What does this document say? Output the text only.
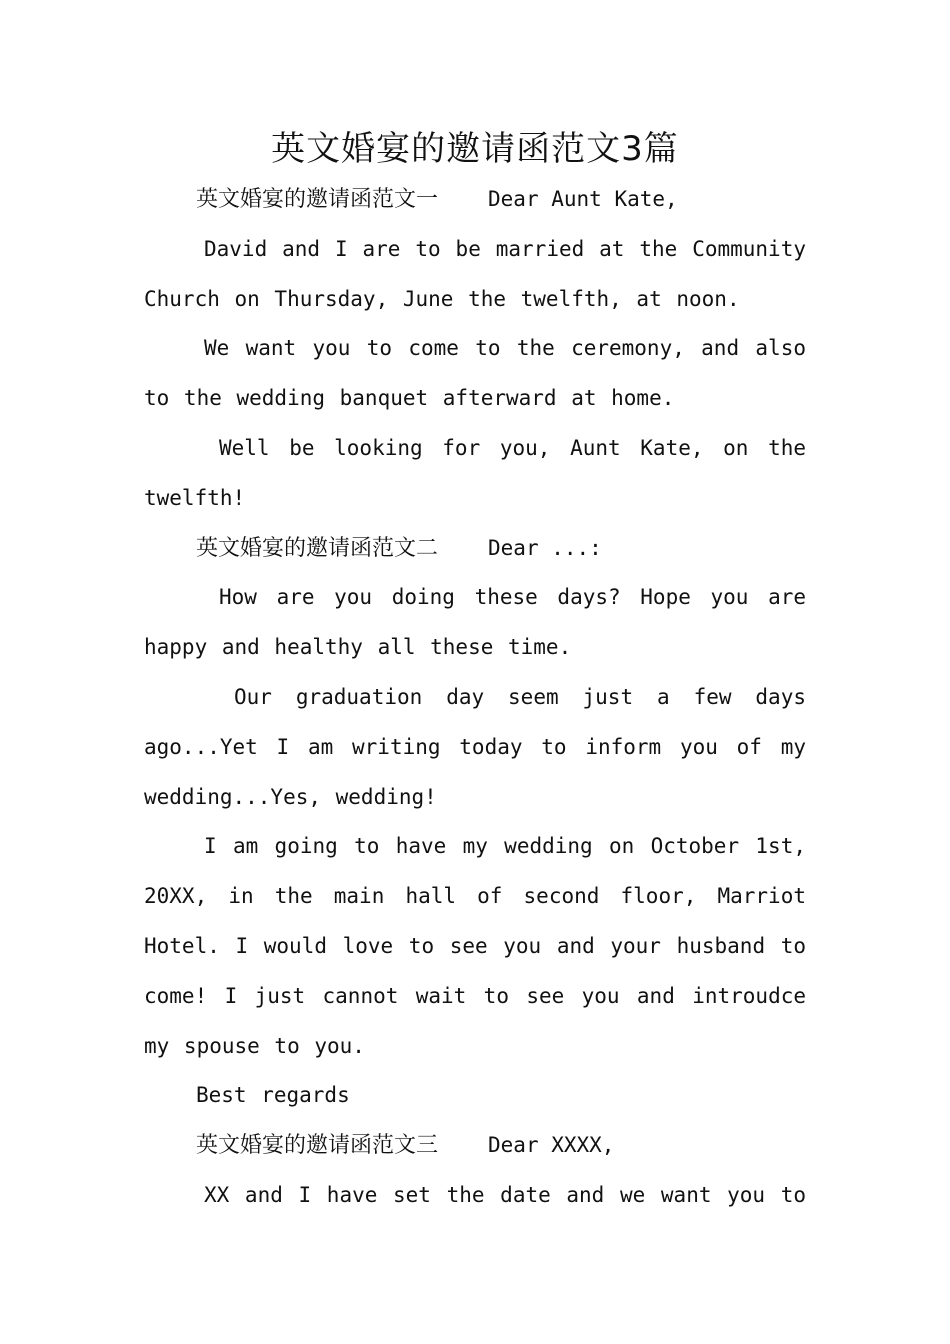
英文婚宴的邀请函范文3篇
英文婚宴的邀请函范文一 Dear Aunt Kate,

David and I are to be married at the Community Church on Thursday, June the twelfth, at noon.

We want you to come to the ceremony, and also to the wedding banquet afterward at home.

Well be looking for you, Aunt Kate, on the twelfth!

英文婚宴的邀请函范文二 Dear ...:

How are you doing these days? Hope you are happy and healthy all these time.

Our graduation day seem just a few days ago...Yet I am writing today to inform you of my wedding...Yes, wedding!

I am going to have my wedding on October 1st, 20XX, in the main hall of second floor, Marriot Hotel. I would love to see you and your husband to come! I just cannot wait to see you and introudce my spouse to you.

Best regards

英文婚宴的邀请函范文三 Dear XXXX,

XX and I have set the date and we want you to
